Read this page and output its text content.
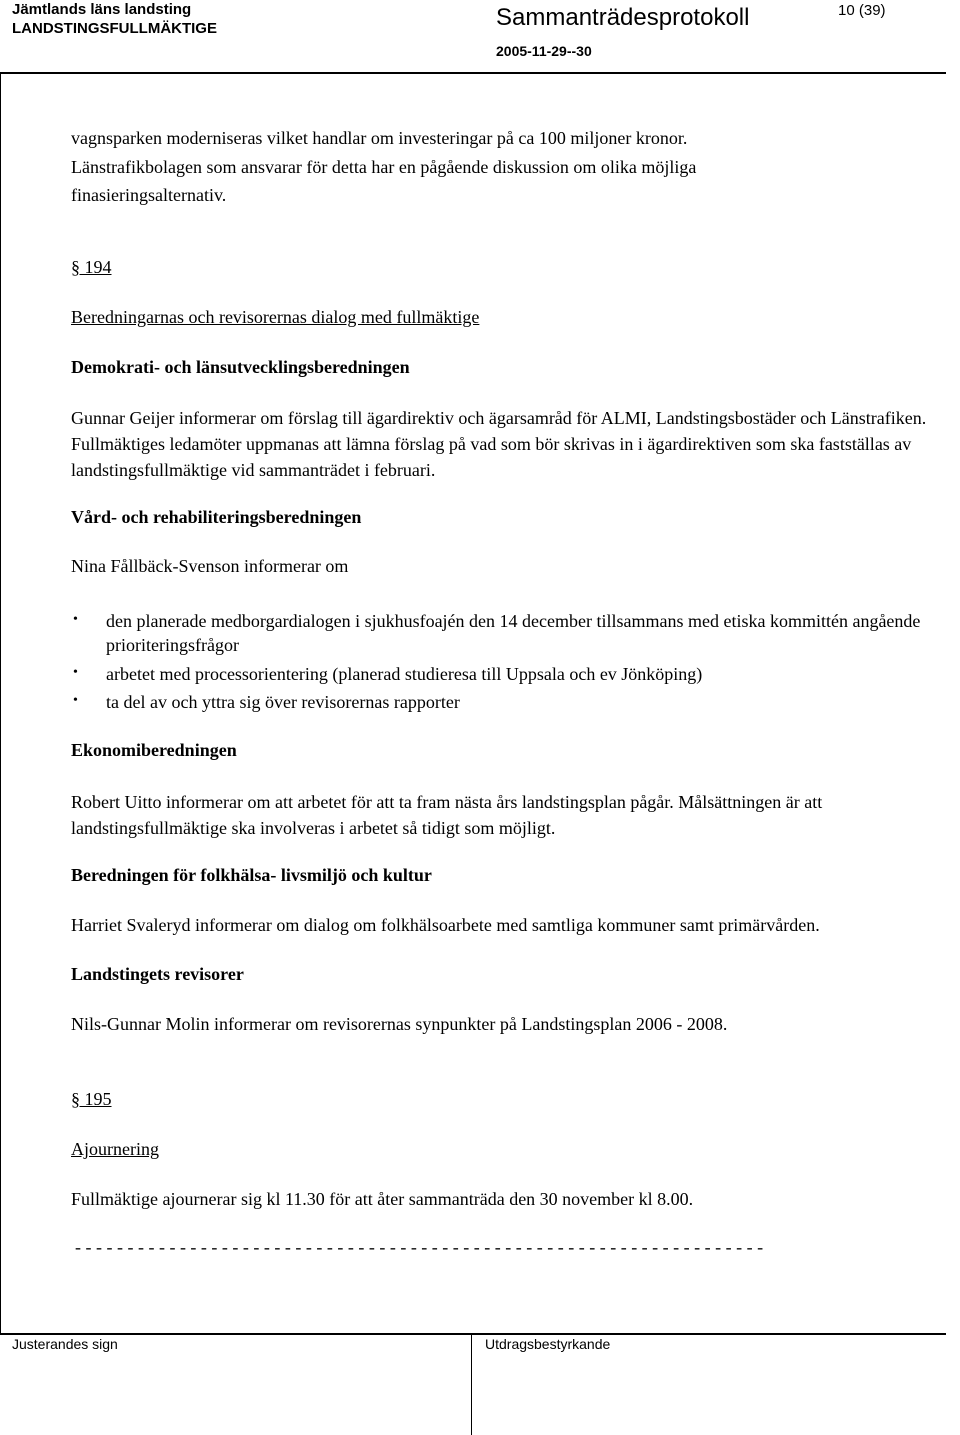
Jämtlands läns landsting
LANDSTINGSFULLMÄKTIGE	Sammanträdesprotokoll	10 (39)
2005-11-29--30
vagnsparken moderniseras vilket handlar om investeringar på ca 100 miljoner kronor.
Länstrafikbolagen som ansvarar för detta har en pågående diskussion om olika möjliga
finasieringsalternativ.
§ 194
Beredningarnas och revisorernas dialog med fullmäktige
Demokrati- och länsutvecklingsberedningen
Gunnar Geijer informerar om förslag till ägardirektiv och ägarsamråd för ALMI, Landstingsbostäder och Länstrafiken. Fullmäktiges ledamöter uppmanas att lämna förslag på vad som bör skrivas in i ägardirektiven som ska fastställas av landstingsfullmäktige vid sammanträdet i februari.
Vård- och rehabiliteringsberedningen
Nina Fållbäck-Svenson informerar om
• den planerade medborgardialogen i sjukhusfoajén den 14 december tillsammans med etiska kommittén angående prioriteringsfrågor
• arbetet med processorientering (planerad studieresa till Uppsala och ev Jönköping)
• ta del av och yttra sig över revisorernas rapporter
Ekonomiberedningen
Robert Uitto informerar om att arbetet för att ta fram nästa års landstingsplan pågår. Målsättningen är att landstingsfullmäktige ska involveras i arbetet så tidigt som möjligt.
Beredningen för folkhälsa- livsmiljö och kultur
Harriet Svaleryd informerar om dialog om folkhälsoarbete med samtliga kommuner samt primärvården.
Landstingets revisorer
Nils-Gunnar Molin informerar om revisorernas synpunkter på Landstingsplan 2006 - 2008.
§ 195
Ajournering
Fullmäktige ajournerar sig kl 11.30 för att åter sammanträda den 30 november kl 8.00.
- - - - - - - - - - - - - - - - - - - - - - - - - - - - - - - - - - - - - - - - - - - - - - - - - - - - - - - - - - - - - - - - - -
Justerandes sign	Utdragsbestyrkande
